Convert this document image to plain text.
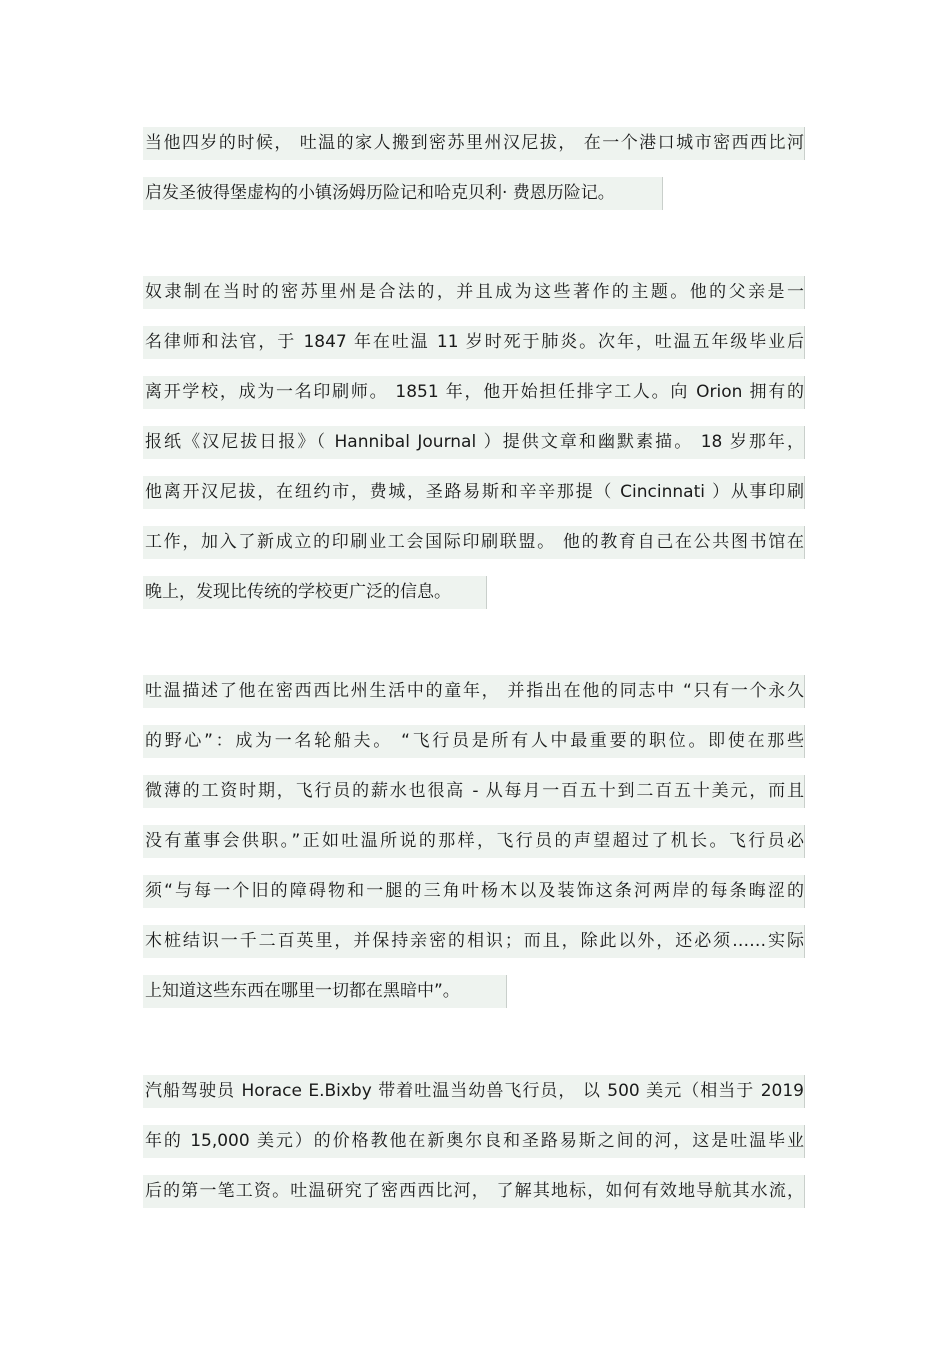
当他四岁的时候， 吐温的家人搬到密苏里州汉尼拔， 在一个港口城市密西西比河
启发圣彼得堡虚构的小镇汤姆历险记和哈克贝利· 费恩历险记。
奴隶制在当时的密苏里州是合法的，并且成为这些著作的主题。他的父亲是一
名律师和法官，于 1847 年在吐温 11 岁时死于肺炎。次年，吐温五年级毕业后
离开学校，成为一名印刷师。 1851 年，他开始担任排字工人。向 Orion 拥有的
报纸《汉尼拔日报》（ Hannibal Journal ）提供文章和幽默素描。 18 岁那年，
他离开汉尼拔，在纽约市，费城，圣路易斯和辛辛那提（ Cincinnati ）从事印刷
工作，加入了新成立的印刷业工会国际印刷联盟。 他的教育自己在公共图书馆在
晚上，发现比传统的学校更广泛的信息。
吐温描述了他在密西西比州生活中的童年， 并指出在他的同志中 “只有一个永久
的野心”：成为一名轮船夫。 “飞行员是所有人中最重要的职位。即使在那些
微薄的工资时期，飞行员的薪水也很高 - 从每月一百五十到二百五十美元，而且
没有董事会供职。”正如吐温所说的那样，飞行员的声望超过了机长。飞行员必
须“与每一个旧的障碍物和一腿的三角叶杨木以及装饰这条河两岸的每条晦涩的
木桩结识一千二百英里，并保持亲密的相识；而且，除此以外，还必须……实际
上知道这些东西在哪里一切都在黑暗中”。
汽船驾驶员 Horace E.Bixby 带着吐温当幼兽飞行员， 以 500 美元（相当于 2019
年的 15,000 美元）的价格教他在新奥尔良和圣路易斯之间的河，这是吐温毕业
后的第一笔工资。吐温研究了密西西比河， 了解其地标，如何有效地导航其水流，
